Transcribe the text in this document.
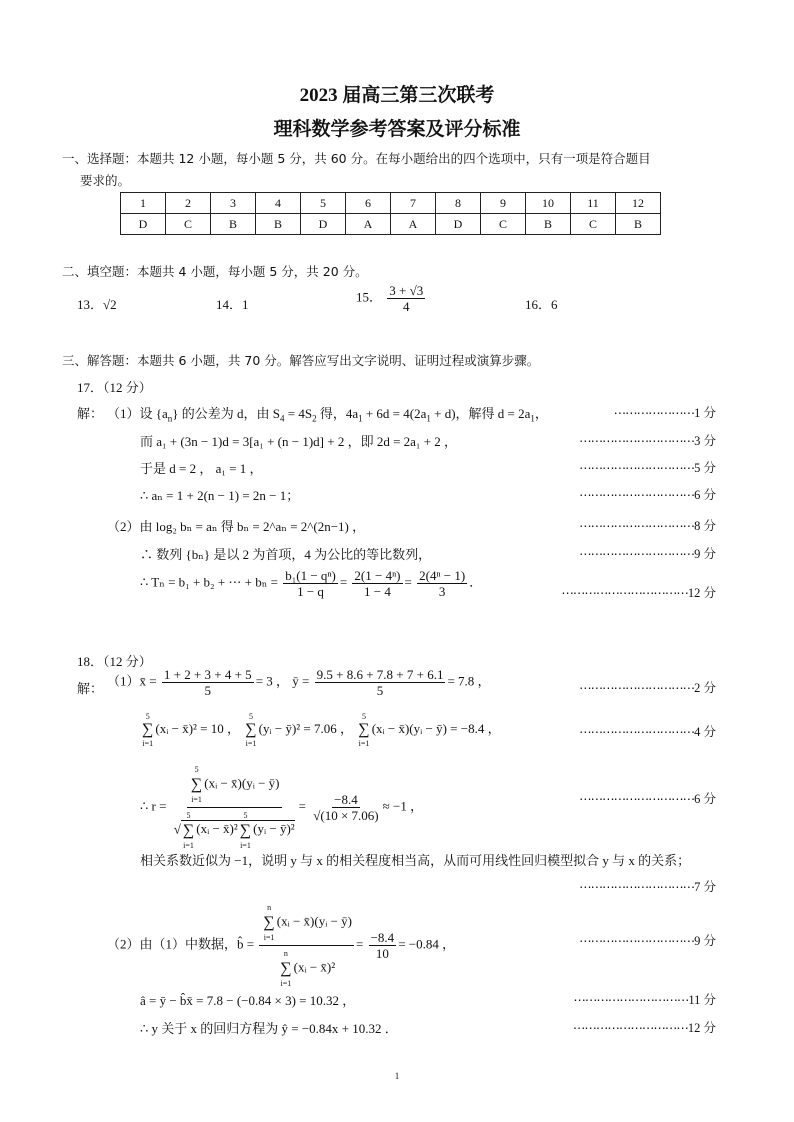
2023 届高三第三次联考
理科数学参考答案及评分标准
一、选择题：本题共 12 小题，每小题 5 分，共 60 分。在每小题给出的四个选项中，只有一项是符合题目
要求的。
1	2	3	4	5	6	7	8	9	10	11	12
D	C	B	B	D	A	A	D	C	B	C	B
二、填空题：本题共 4 小题，每小题 5 分，共 20 分。
13．√2	14．1
15． $\frac{3 + √3}{4}$	16．6
三、解答题：本题共 6 小题，共 70 分。解答应写出文字说明、证明过程或演算步骤。
17．（12 分）
解： （1）设 $\{a_n\}$ 的公差为 d，由 $S_4 = 4S_2$ 得，$4a_1 + 6d = 4(2a_1 + d)$，解得 $d = 2a_1$，	⋯⋯⋯⋯⋯⋯⋯1 分
而 a₁ + (3n − 1)d = 3[a₁ + (n − 1)d] + 2 ，即 2d = 2a₁ + 2 ，	⋯⋯⋯⋯⋯⋯⋯⋯⋯⋯3 分
于是 d = 2 ， a₁ = 1 ，	⋯⋯⋯⋯⋯⋯⋯⋯⋯⋯5 分
∴ aₙ = 1 + 2(n − 1) = 2n − 1；	⋯⋯⋯⋯⋯⋯⋯⋯⋯⋯6 分
（2）由 log₂ bₙ = aₙ 得 bₙ = 2^aₙ = 2^(2n−1) ，	⋯⋯⋯⋯⋯⋯⋯⋯⋯⋯8 分
∴ 数列 {bₙ} 是以 2 为首项，4 为公比的等比数列，	⋯⋯⋯⋯⋯⋯⋯⋯⋯⋯9 分
∴ Tₙ = b₁ + b₂ + ⋯ + $b_n = \frac{\text{b₁(1 − qⁿ)}}{1 - q} = \frac{\text{2(1 − 4ⁿ)}}{1 - 4} = \frac{\text{2(4ⁿ − 1)}}{3}$ ．
⋯⋯⋯⋯⋯⋯⋯⋯⋯⋯⋯12 分
18．（12 分）
解：
（1）x̄ = $\frac{1 + 2 + 3 + 4 + 5}{5} = 3$ ， ȳ = $\frac{9.5 + 8.6 + 7.8 + 7 + 6.1}{5} = 7.8$ ，	⋯⋯⋯⋯⋯⋯⋯⋯⋯⋯2 分
5
∑
i=1
(xᵢ − x̄)² = 10 ，
5
∑
i=1
(yᵢ − ȳ)² = 7.06 ，
5
∑
i=1
(xᵢ − x̄)(yᵢ − ȳ) = −8.4 ，	⋯⋯⋯⋯⋯⋯⋯⋯⋯⋯4 分
∴ r = 5
∑
i=1
(xᵢ − x̄)(yᵢ − ȳ)
√
5
∑
i=1
(xᵢ − x̄)²
5
∑
i=1
(yᵢ − ȳ)² = $\frac{-8.4}{√(10 \times 7.06)} \approx -1$ ，	⋯⋯⋯⋯⋯⋯⋯⋯⋯⋯6 分
相关系数近似为 −1，说明 y 与 x 的相关程度相当高，从而可用线性回归模型拟合 y 与 x 的关系；
⋯⋯⋯⋯⋯⋯⋯⋯⋯⋯7 分
（2）由（1）中数据，b̂ = n
∑
i=1
(xᵢ − x̄)(yᵢ − ȳ)
n
∑
i=1
(xᵢ − x̄)² = $\frac{-8.4}{10} = -0.84$ ，	⋯⋯⋯⋯⋯⋯⋯⋯⋯⋯9 分
â = ȳ − b̂x̄ = 7.8 − (−0.84 × 3) = 10.32 ，	⋯⋯⋯⋯⋯⋯⋯⋯⋯⋯11 分
∴ y 关于 x 的回归方程为 ŷ = −0.84x + 10.32 ．	⋯⋯⋯⋯⋯⋯⋯⋯⋯⋯12 分
1
